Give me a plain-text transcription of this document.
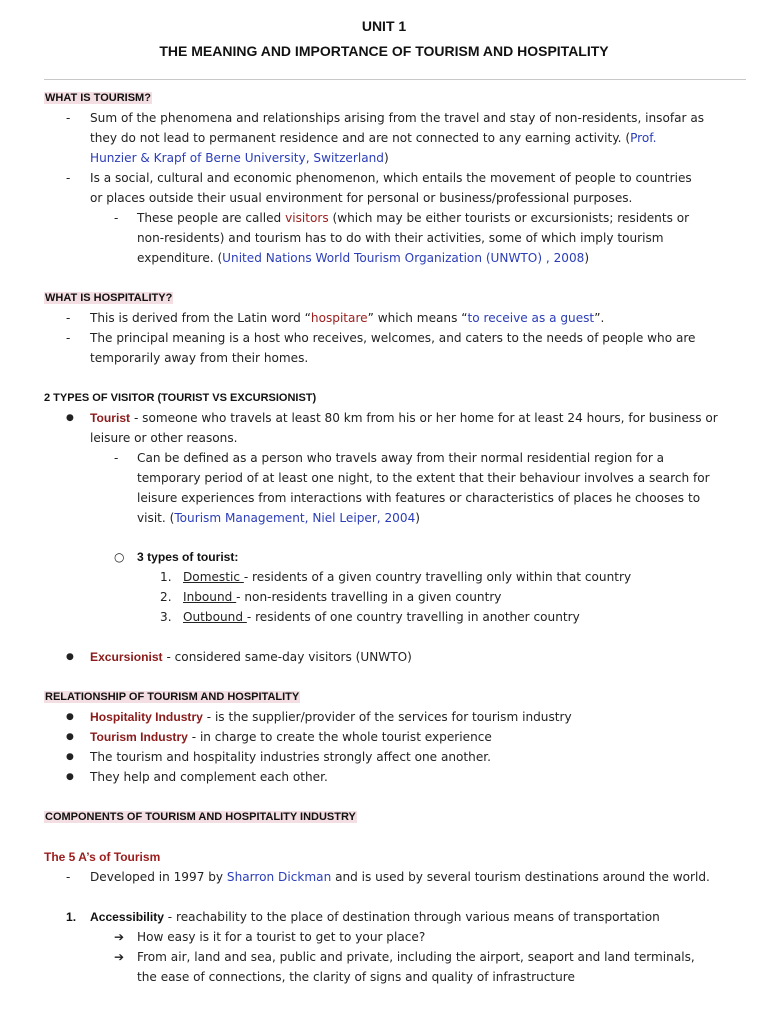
UNIT 1
THE MEANING AND IMPORTANCE OF TOURISM AND HOSPITALITY
WHAT IS TOURISM?
- Sum of the phenomena and relationships arising from the travel and stay of non-residents, insofar as
they do not lead to permanent residence and are not connected to any earning activity. (Prof.
Hunzier & Krapf of Berne University, Switzerland)
- Is a social, cultural and economic phenomenon, which entails the movement of people to countries
or places outside their usual environment for personal or business/professional purposes.
- These people are called visitors (which may be either tourists or excursionists; residents or
non-residents) and tourism has to do with their activities, some of which imply tourism
expenditure. (United Nations World Tourism Organization (UNWTO) , 2008)
WHAT IS HOSPITALITY?
- This is derived from the Latin word “hospitare” which means “to receive as a guest”.
- The principal meaning is a host who receives, welcomes, and caters to the needs of people who are
temporarily away from their homes.
2 TYPES OF VISITOR (TOURIST VS EXCURSIONIST)
● Tourist - someone who travels at least 80 km from his or her home for at least 24 hours, for business or
leisure or other reasons.
- Can be defined as a person who travels away from their normal residential region for a
temporary period of at least one night, to the extent that their behaviour involves a search for
leisure experiences from interactions with features or characteristics of places he chooses to
visit. (Tourism Management, Niel Leiper, 2004)
○ 3 types of tourist:
1. Domestic - residents of a given country travelling only within that country
2. Inbound - non-residents travelling in a given country
3. Outbound - residents of one country travelling in another country
● Excursionist - considered same-day visitors (UNWTO)
RELATIONSHIP OF TOURISM AND HOSPITALITY
● Hospitality Industry - is the supplier/provider of the services for tourism industry
● Tourism Industry - in charge to create the whole tourist experience
● The tourism and hospitality industries strongly affect one another.
● They help and complement each other.
COMPONENTS OF TOURISM AND HOSPITALITY INDUSTRY
The 5 A’s of Tourism
- Developed in 1997 by Sharron Dickman and is used by several tourism destinations around the world.
1. Accessibility - reachability to the place of destination through various means of transportation
➔ How easy is it for a tourist to get to your place?
➔ From air, land and sea, public and private, including the airport, seaport and land terminals,
the ease of connections, the clarity of signs and quality of infrastructure
